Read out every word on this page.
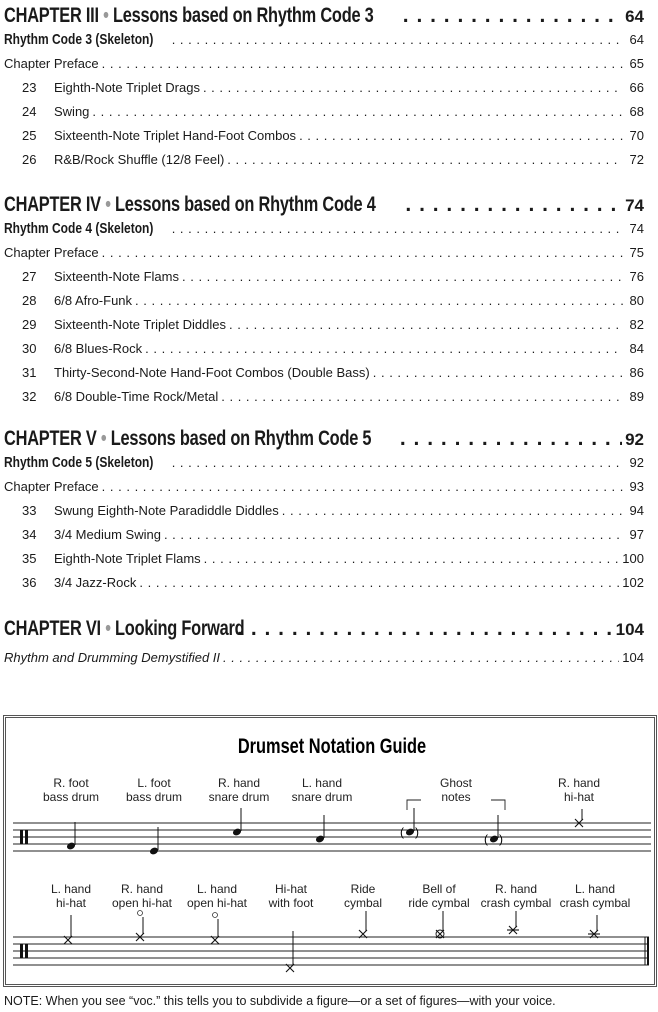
CHAPTER III • Lessons based on Rhythm Code 3 . . .	64
Rhythm Code 3 (Skeleton) . . .	64
Chapter Preface . . .	65
23	Eighth-Note Triplet Drags . . .	66
24	Swing . . .	68
25	Sixteenth-Note Triplet Hand-Foot Combos . . .	70
26	R&B/Rock Shuffle (12/8 Feel) . . .	72
CHAPTER IV • Lessons based on Rhythm Code 4 . . .	74
Rhythm Code 4 (Skeleton) . . .	74
Chapter Preface . . .	75
27	Sixteenth-Note Flams . . .	76
28	6/8 Afro-Funk . . .	80
29	Sixteenth-Note Triplet Diddles . . .	82
30	6/8 Blues-Rock . . .	84
31	Thirty-Second-Note Hand-Foot Combos (Double Bass) . . .	86
32	6/8 Double-Time Rock/Metal . . .	89
CHAPTER V • Lessons based on Rhythm Code 5 . . .	92
Rhythm Code 5 (Skeleton) . . .	92
Chapter Preface . . .	93
33	Swung Eighth-Note Paradiddle Diddles . . .	94
34	3/4 Medium Swing . . .	97
35	Eighth-Note Triplet Flams . . .	100
36	3/4 Jazz-Rock . . .	102
CHAPTER VI • Looking Forward . . .	104
Rhythm and Drumming Demystified II . . .	104
Drumset Notation Guide
R. foot
bass drum
L. foot
bass drum
R. hand
snare drum
L. hand
snare drum
Ghost
notes
R. hand
hi-hat
( )	( )
L. hand
hi-hat
R. hand
open hi-hat
L. hand
open hi-hat
Hi-hat
with foot
Ride
cymbal
Bell of
ride cymbal
R. hand
crash cymbal
L. hand
crash cymbal
NOTE: When you see “voc.” this tells you to subdivide a figure—or a set of figures—with your voice.
